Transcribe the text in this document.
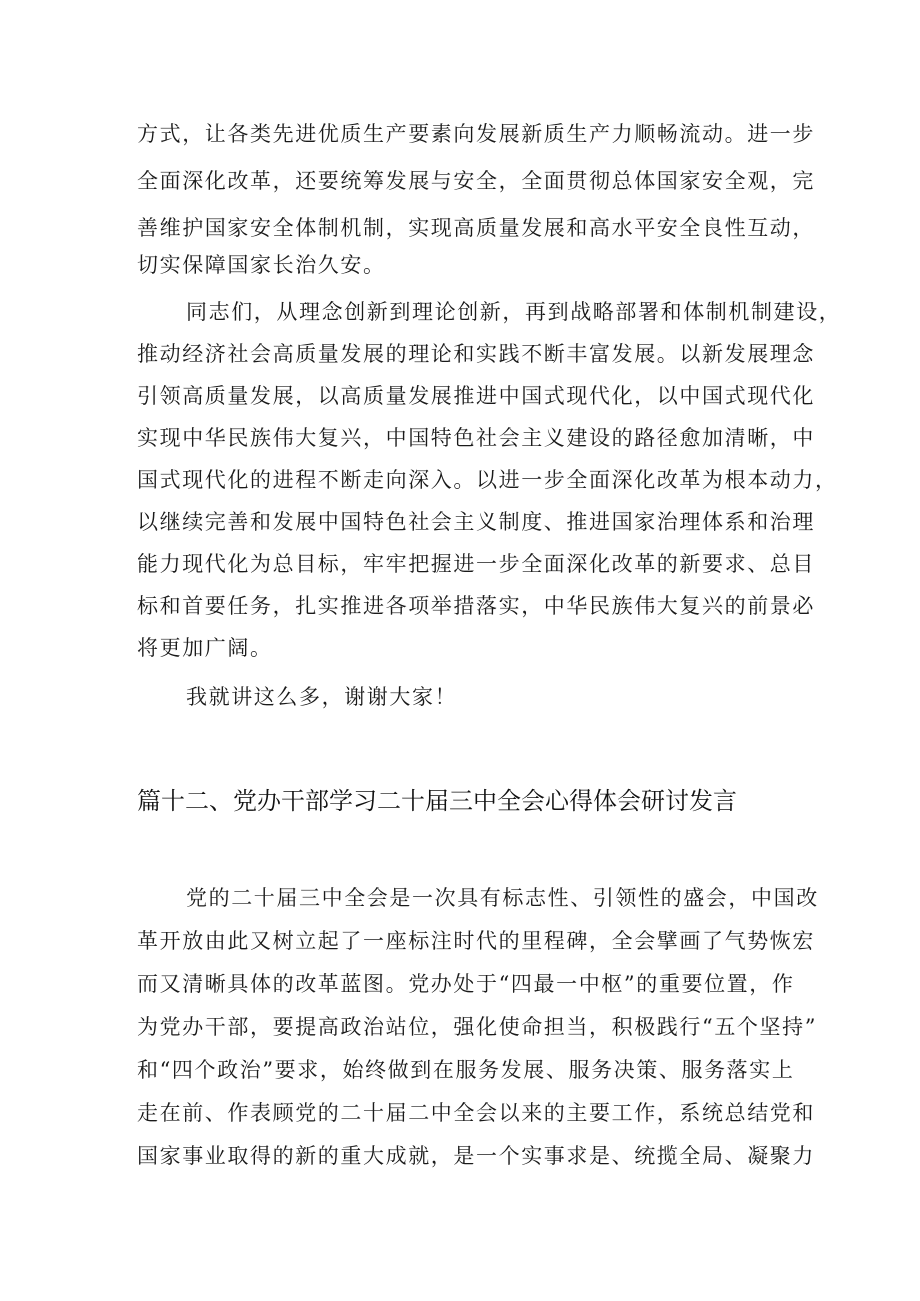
方式，让各类先进优质生产要素向发展新质生产力顺畅流动。进一步
全面深化改革，还要统筹发展与安全，全面贯彻总体国家安全观，完
善维护国家安全体制机制，实现高质量发展和高水平安全良性互动，
切实保障国家长治久安。
同志们，从理念创新到理论创新，再到战略部署和体制机制建设，
推动经济社会高质量发展的理论和实践不断丰富发展。以新发展理念
引领高质量发展，以高质量发展推进中国式现代化，以中国式现代化
实现中华民族伟大复兴，中国特色社会主义建设的路径愈加清晰，中
国式现代化的进程不断走向深入。以进一步全面深化改革为根本动力，
以继续完善和发展中国特色社会主义制度、推进国家治理体系和治理
能力现代化为总目标，牢牢把握进一步全面深化改革的新要求、总目
标和首要任务，扎实推进各项举措落实，中华民族伟大复兴的前景必
将更加广阔。
我就讲这么多，谢谢大家！
篇十二、党办干部学习二十届三中全会心得体会研讨发言
党的二十届三中全会是一次具有标志性、引领性的盛会，中国改
革开放由此又树立起了一座标注时代的里程碑，全会擘画了气势恢宏
而又清晰具体的改革蓝图。党办处于“四最一中枢”的重要位置，作
为党办干部，要提高政治站位，强化使命担当，积极践行“五个坚持”
和“四个政治”要求，始终做到在服务发展、服务决策、服务落实上
走在前、作表顾党的二十届二中全会以来的主要工作，系统总结党和
国家事业取得的新的重大成就，是一个实事求是、统揽全局、凝聚力
